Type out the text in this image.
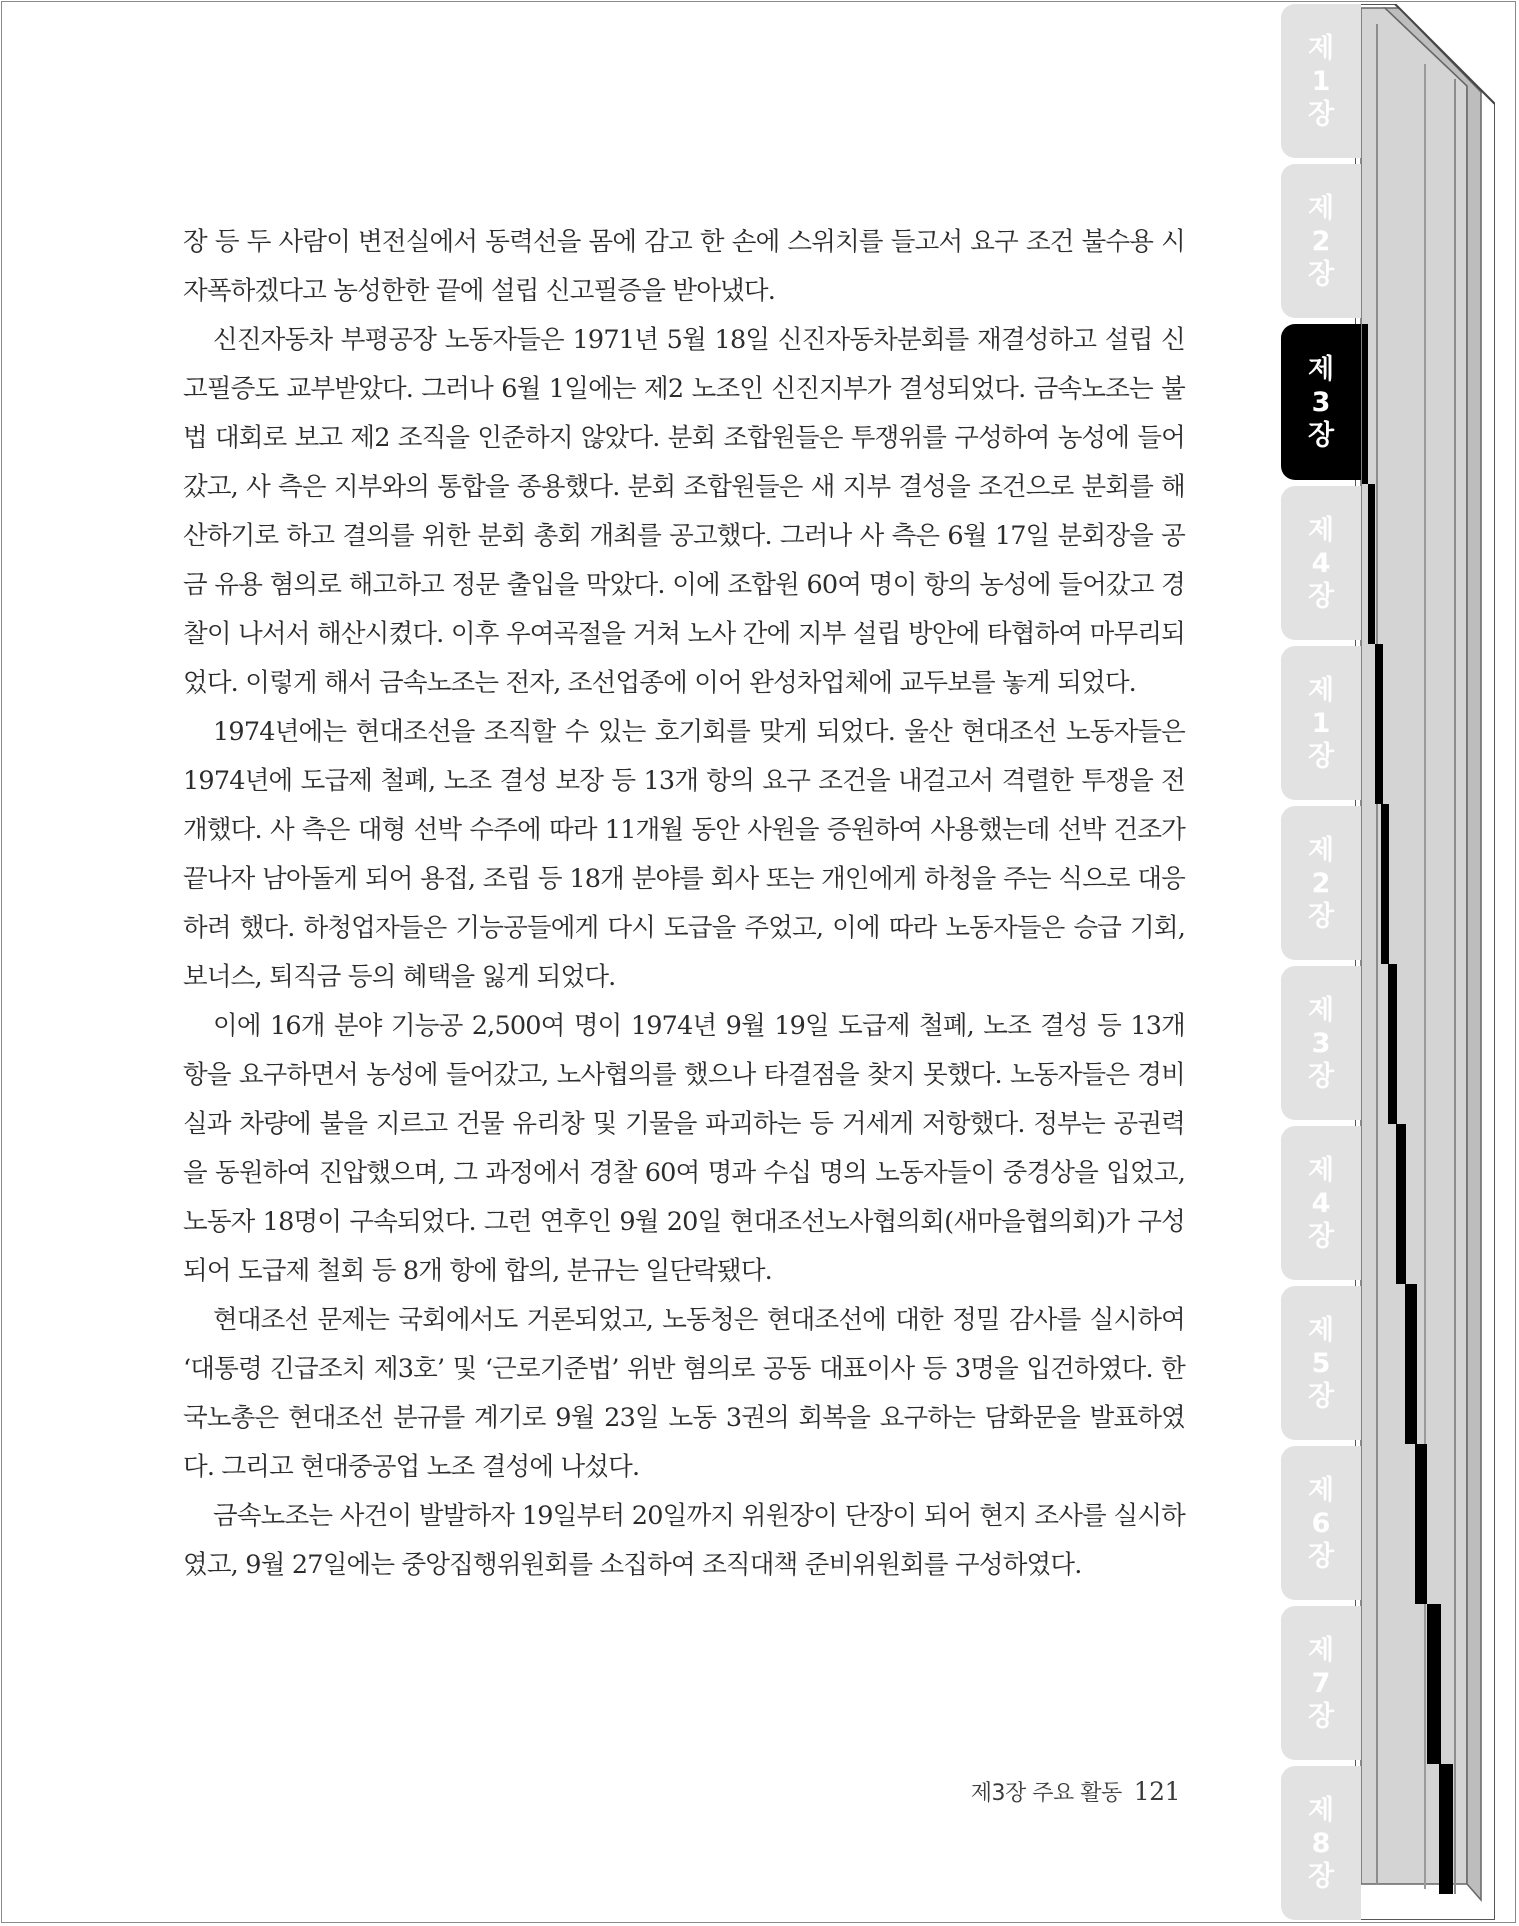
제
1
장
제
2
장
제
3
장
제
4
장
제
1
장
제
2
장
제
3
장
제
4
장
제
5
장
제
6
장
제
7
장
제
8
장

장 등 두 사람이 변전실에서 동력선을 몸에 감고 한 손에 스위치를 들고서 요구 조건 불수용 시 자폭하겠다고 농성한한 끝에 설립 신고필증을 받아냈다.

신진자동차 부평공장 노동자들은 1971년 5월 18일 신진자동차분회를 재결성하고 설립 신고필증도 교부받았다. 그러나 6월 1일에는 제2 노조인 신진지부가 결성되었다. 금속노조는 불법 대회로 보고 제2 조직을 인준하지 않았다. 분회 조합원들은 투쟁위를 구성하여 농성에 들어갔고, 사 측은 지부와의 통합을 종용했다. 분회 조합원들은 새 지부 결성을 조건으로 분회를 해산하기로 하고 결의를 위한 분회 총회 개최를 공고했다. 그러나 사 측은 6월 17일 분회장을 공금 유용 혐의로 해고하고 정문 출입을 막았다. 이에 조합원 60여 명이 항의 농성에 들어갔고 경찰이 나서서 해산시켰다. 이후 우여곡절을 거쳐 노사 간에 지부 설립 방안에 타협하여 마무리되었다. 이렇게 해서 금속노조는 전자, 조선업종에 이어 완성차업체에 교두보를 놓게 되었다.

1974년에는 현대조선을 조직할 수 있는 호기회를 맞게 되었다. 울산 현대조선 노동자들은 1974년에 도급제 철폐, 노조 결성 보장 등 13개 항의 요구 조건을 내걸고서 격렬한 투쟁을 전개했다. 사 측은 대형 선박 수주에 따라 11개월 동안 사원을 증원하여 사용했는데 선박 건조가 끝나자 남아돌게 되어 용접, 조립 등 18개 분야를 회사 또는 개인에게 하청을 주는 식으로 대응하려 했다. 하청업자들은 기능공들에게 다시 도급을 주었고, 이에 따라 노동자들은 승급 기회, 보너스, 퇴직금 등의 혜택을 잃게 되었다.

이에 16개 분야 기능공 2,500여 명이 1974년 9월 19일 도급제 철폐, 노조 결성 등 13개 항을 요구하면서 농성에 들어갔고, 노사협의를 했으나 타결점을 찾지 못했다. 노동자들은 경비실과 차량에 불을 지르고 건물 유리창 및 기물을 파괴하는 등 거세게 저항했다. 정부는 공권력을 동원하여 진압했으며, 그 과정에서 경찰 60여 명과 수십 명의 노동자들이 중경상을 입었고, 노동자 18명이 구속되었다. 그런 연후인 9월 20일 현대조선노사협의회(새마을협의회)가 구성되어 도급제 철회 등 8개 항에 합의, 분규는 일단락됐다.

현대조선 문제는 국회에서도 거론되었고, 노동청은 현대조선에 대한 정밀 감사를 실시하여 ‘대통령 긴급조치 제3호’ 및 ‘근로기준법’ 위반 혐의로 공동 대표이사 등 3명을 입건하였다. 한국노총은 현대조선 분규를 계기로 9월 23일 노동 3권의 회복을 요구하는 담화문을 발표하였다. 그리고 현대중공업 노조 결성에 나섰다.

금속노조는 사건이 발발하자 19일부터 20일까지 위원장이 단장이 되어 현지 조사를 실시하였고, 9월 27일에는 중앙집행위원회를 소집하여 조직대책 준비위원회를 구성하였다.

제3장 주요 활동 121
